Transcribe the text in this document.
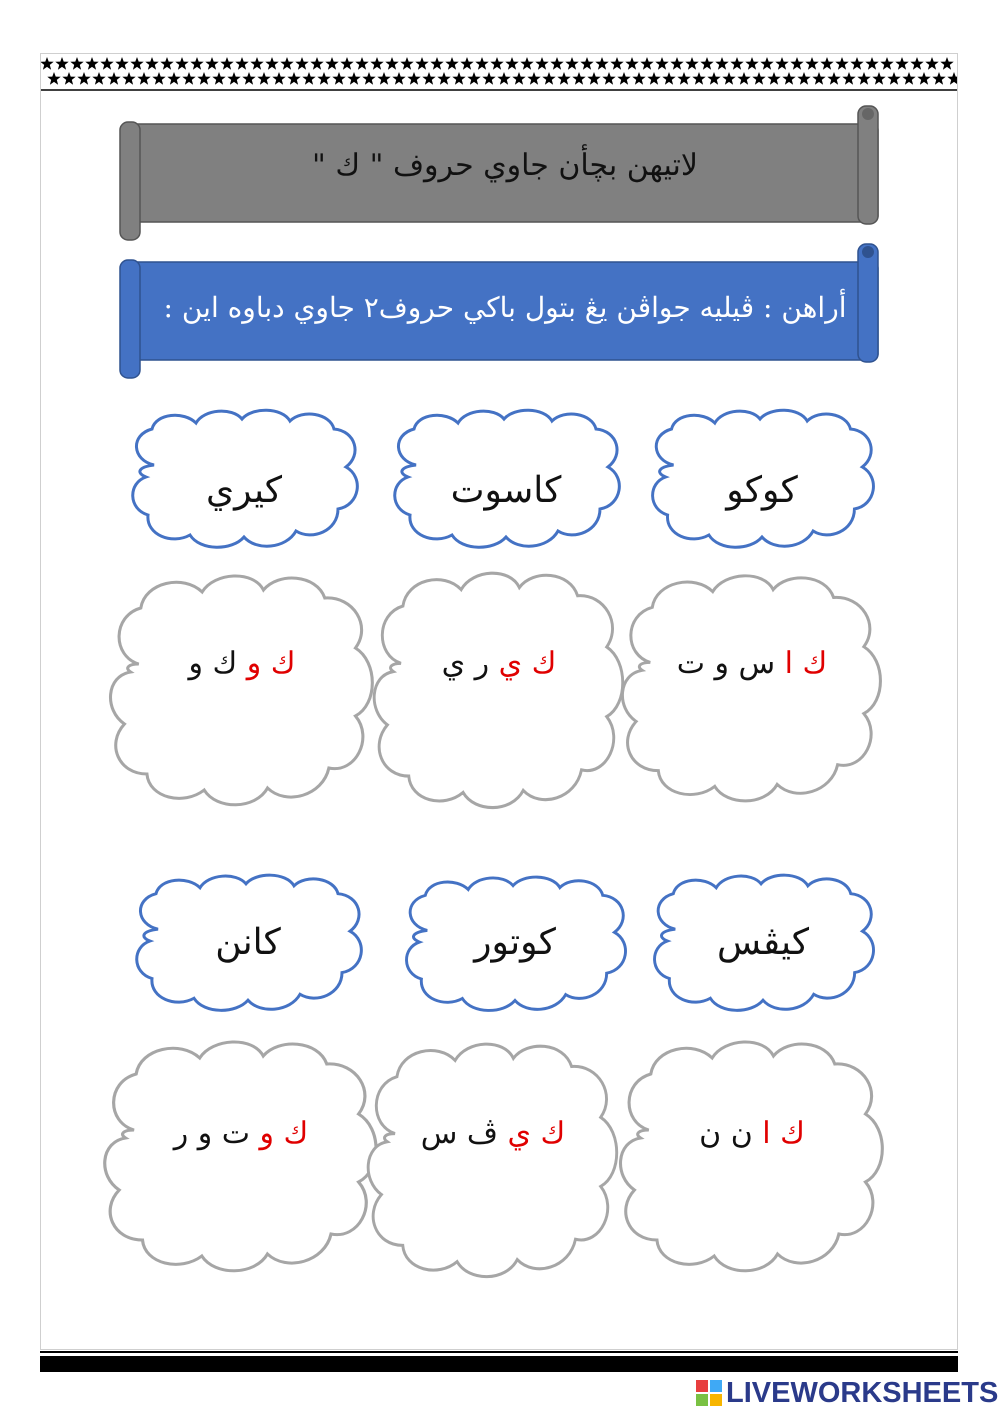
لاتيهن بچأن جاوي حروف " ك "
أراهن : ڤيليه جواڤن يڠ بتول باكي حروف٢ جاوي دباوه اين :
كيري	كاسوت	كوكو
ك و ك و	ك ي ر ي	ك ا س و ت
كانن	كوتور	كيڤس
ك و ت و ر	ك ي ڤ س	ك ا ن ن
LIVEWORKSHEETS
